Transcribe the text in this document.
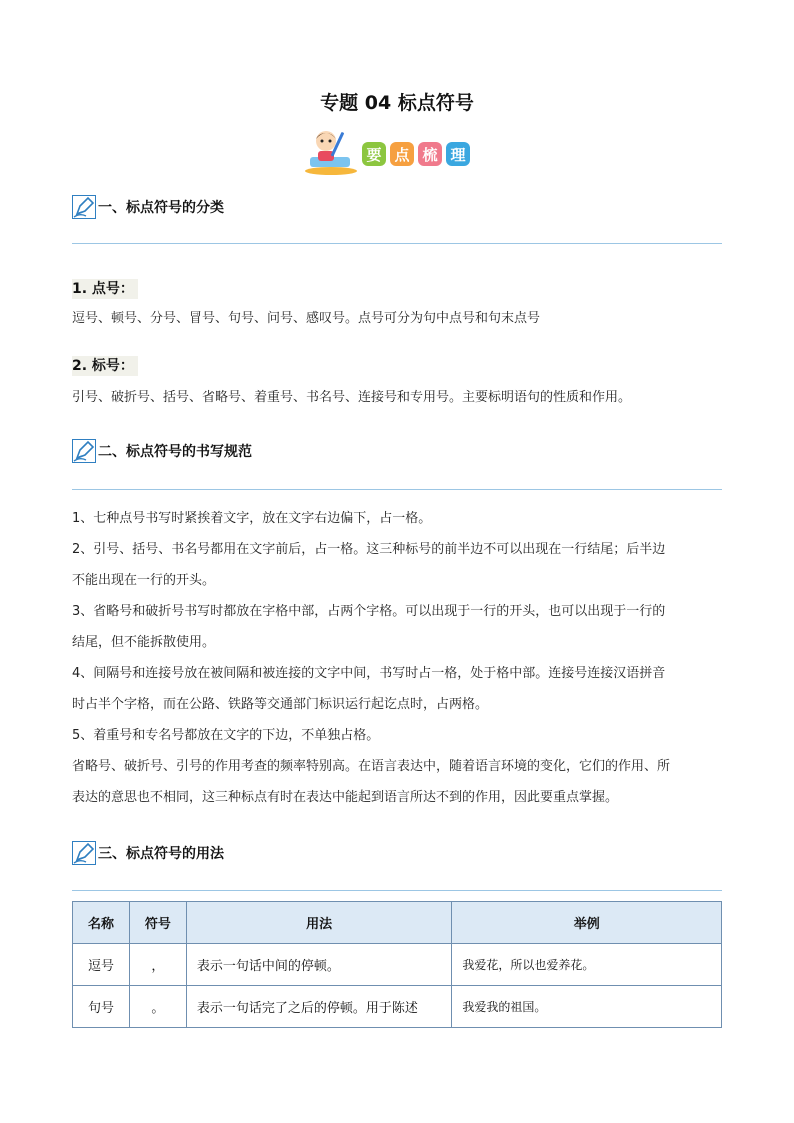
专题 04 标点符号
要 点 梳 理
一、标点符号的分类
1. 点号：
逗号、顿号、分号、冒号、句号、问号、感叹号。点号可分为句中点号和句末点号
2. 标号：
引号、破折号、括号、省略号、着重号、书名号、连接号和专用号。主要标明语句的性质和作用。
二、标点符号的书写规范
1、七种点号书写时紧挨着文字，放在文字右边偏下，占一格。
2、引号、括号、书名号都用在文字前后，占一格。这三种标号的前半边不可以出现在一行结尾；后半边
不能出现在一行的开头。
3、省略号和破折号书写时都放在字格中部，占两个字格。可以出现于一行的开头，也可以出现于一行的
结尾，但不能拆散使用。
4、间隔号和连接号放在被间隔和被连接的文字中间，书写时占一格，处于格中部。连接号连接汉语拼音
时占半个字格，而在公路、铁路等交通部门标识运行起讫点时，占两格。
5、着重号和专名号都放在文字的下边，不单独占格。
省略号、破折号、引号的作用考查的频率特别高。在语言表达中，随着语言环境的变化，它们的作用、所
表达的意思也不相同，这三种标点有时在表达中能起到语言所达不到的作用，因此要重点掌握。
三、标点符号的用法
名称	符号	用法	举例
逗号	，	表示一句话中间的停顿。	我爱花，所以也爱养花。
句号	。	表示一句话完了之后的停顿。用于陈述	我爱我的祖国。
